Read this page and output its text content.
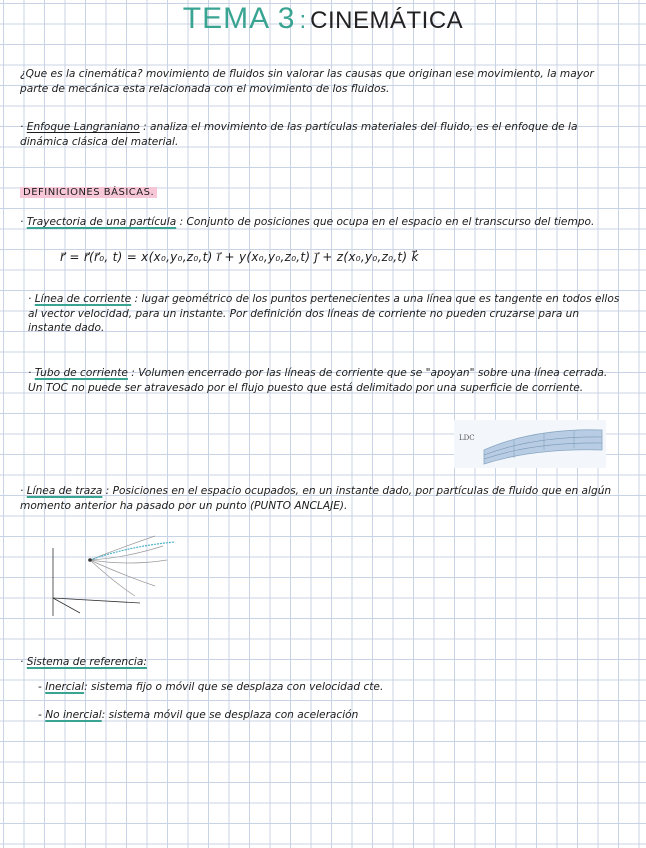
TEMA 3 : CINEMÁTICA
¿Que es la cinemática? movimiento de fluidos sin valorar las causas que originan ese movimiento, la mayor parte de mecánica esta relacionada con el movimiento de los fluidos.
· Enfoque Langraniano : analiza el movimiento de las partículas materiales del fluido, es el enfoque de la dinámica clásica del material.
DEFINICIONES BÁSICAS.
· Trayectoria de una partícula : Conjunto de posiciones que ocupa en el espacio en el transcurso del tiempo.
r⃗ = r⃗(r⃗₀, t) = x(x₀,y₀,z₀,t) i⃗ + y(x₀,y₀,z₀,t) j⃗ + z(x₀,y₀,z₀,t) k⃗
· Línea de corriente : lugar geométrico de los puntos pertenecientes a una línea que es tangente en todos ellos al vector velocidad, para un instante. Por definición dos líneas de corriente no pueden cruzarse para un instante dado.
· Tubo de corriente : Volumen encerrado por las líneas de corriente que se "apoyan" sobre una línea cerrada. Un TOC no puede ser atravesado por el flujo puesto que está delimitado por una superficie de corriente.
LDC
· Línea de traza : Posiciones en el espacio ocupados, en un instante dado, por partículas de fluido que en algún momento anterior ha pasado por un punto (PUNTO ANCLAJE).
· Sistema de referencia:
- Inercial: sistema fijo o móvil que se desplaza con velocidad cte.
- No inercial: sistema móvil que se desplaza con aceleración
